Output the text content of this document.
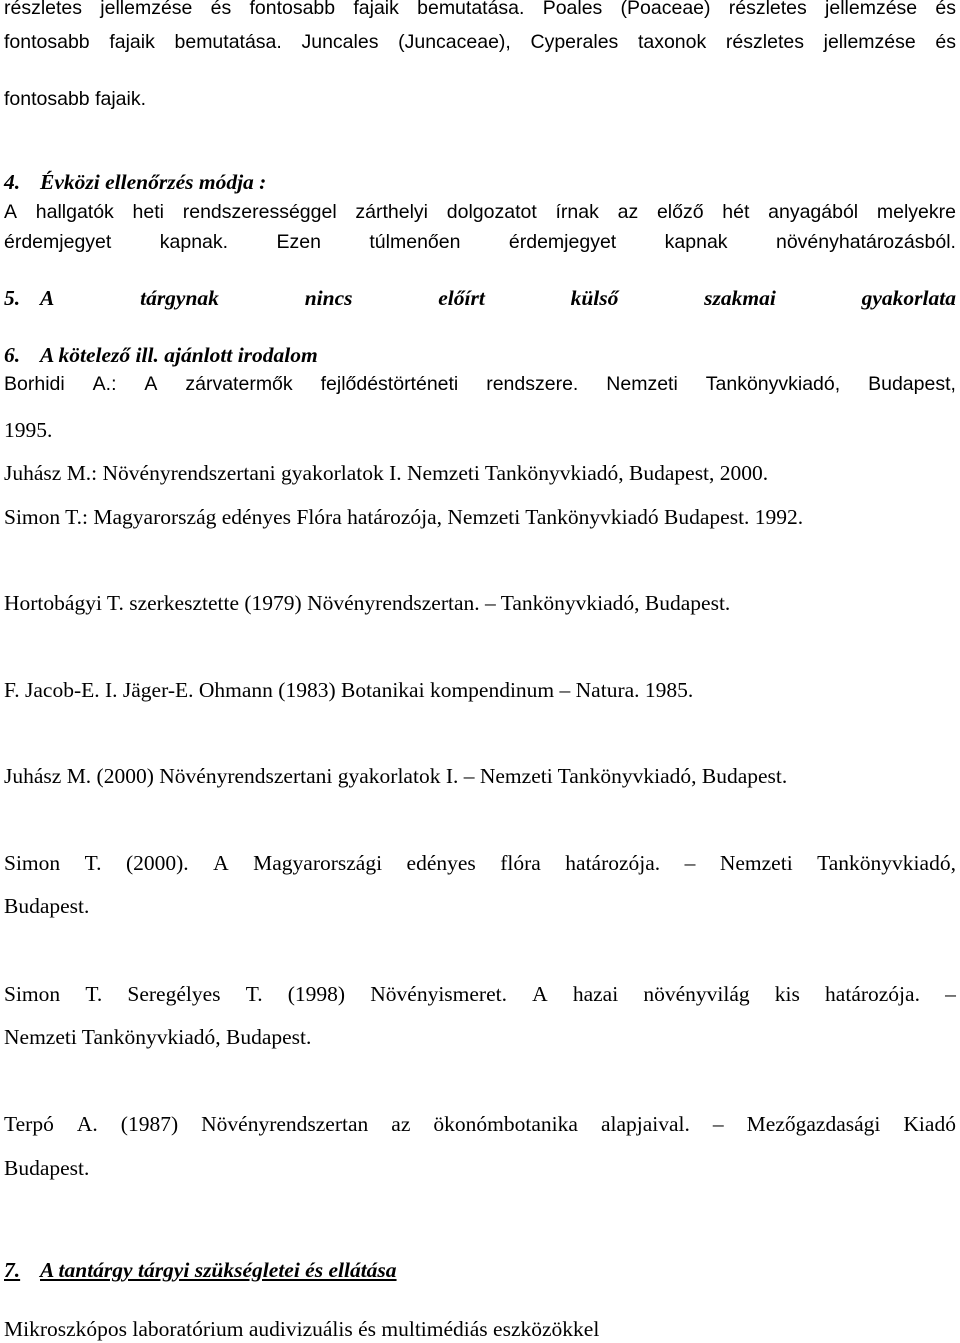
részletes jellemzése és fontosabb fajaik bemutatása. Poales (Poaceae) részletes jellemzése és
fontosabb fajaik bemutatása. Juncales (Juncaceae), Cyperales taxonok részletes jellemzése és
fontosabb fajaik.
4. Évközi ellenőrzés módja :
A hallgatók heti rendszerességgel zárthelyi dolgozatot írnak az előző hét anyagából melyekre
érdemjegyet kapnak. Ezen túlmenően érdemjegyet kapnak növényhatározásból.
5. A	tárgynak	nincs	előírt	külső	szakmai	gyakorlata
6. A kötelező ill. ajánlott irodalom
Borhidi A.: A zárvatermők fejlődéstörténeti rendszere. Nemzeti Tankönyvkiadó, Budapest,
1995.
Juhász M.: Növényrendszertani gyakorlatok I. Nemzeti Tankönyvkiadó, Budapest, 2000.
Simon T.: Magyarország edényes Flóra határozója, Nemzeti Tankönyvkiadó Budapest. 1992.
Hortobágyi T. szerkesztette (1979) Növényrendszertan. – Tankönyvkiadó, Budapest.
F. Jacob-E. I. Jäger-E. Ohmann (1983) Botanikai kompendinum – Natura. 1985.
Juhász M. (2000) Növényrendszertani gyakorlatok I. – Nemzeti Tankönyvkiadó, Budapest.
Simon T. (2000). A Magyarországi edényes flóra határozója. – Nemzeti Tankönyvkiadó,
Budapest.
Simon T. Seregélyes T. (1998) Növényismeret. A hazai növényvilág kis határozója. –
Nemzeti Tankönyvkiadó, Budapest.
Terpó A. (1987) Növényrendszertan az ökonómbotanika alapjaival. – Mezőgazdasági Kiadó
Budapest.
7. A tantárgy tárgyi szükségletei és ellátása
Mikroszkópos laboratórium audivizuális és multimédiás eszközökkel
